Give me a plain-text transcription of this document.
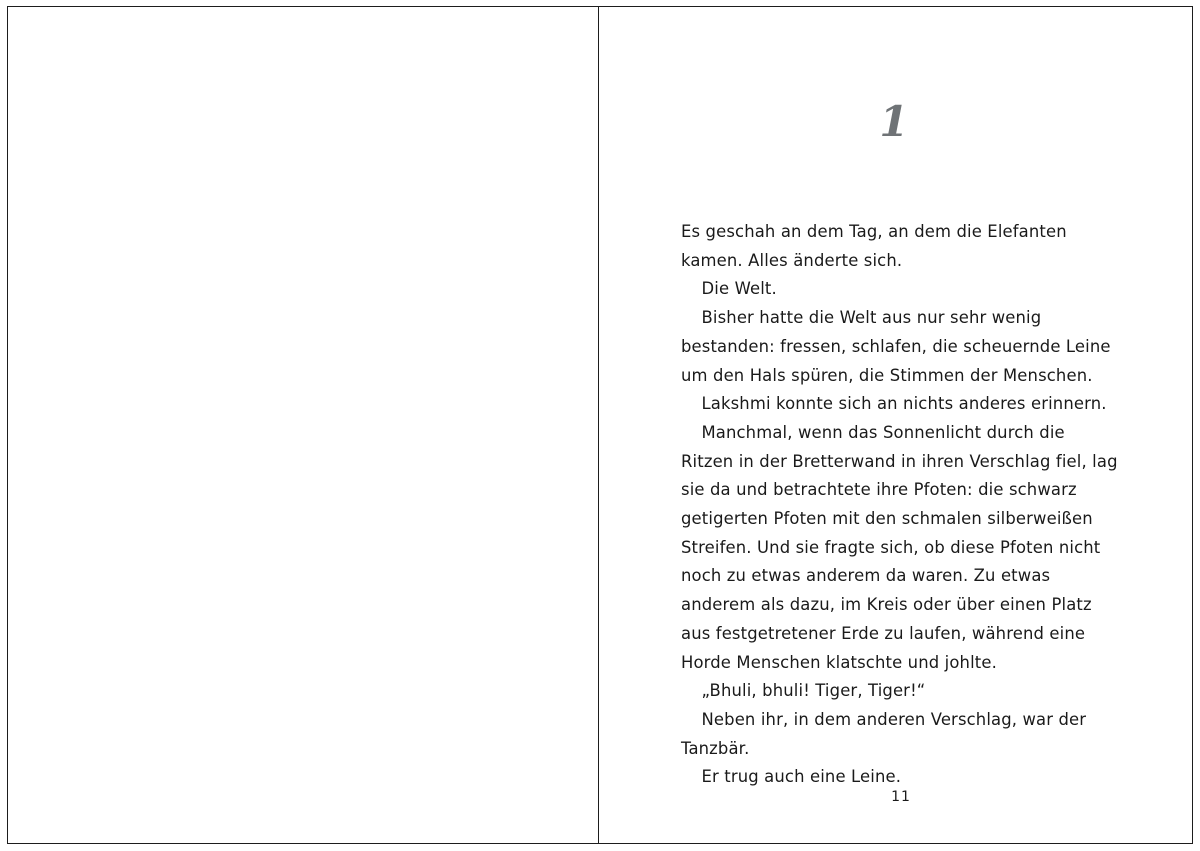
1

Es geschah an dem Tag, an dem die Elefanten kamen. Alles änderte sich.

Die Welt.

Bisher hatte die Welt aus nur sehr wenig bestanden: fressen, schlafen, die scheuernde Leine um den Hals spüren, die Stimmen der Menschen.

Lakshmi konnte sich an nichts anderes erinnern.

Manchmal, wenn das Sonnenlicht durch die Ritzen in der Bretterwand in ihren Verschlag fiel, lag sie da und betrachtete ihre Pfoten: die schwarz getigerten Pfoten mit den schmalen silberweißen Streifen. Und sie fragte sich, ob diese Pfoten nicht noch zu etwas anderem da waren. Zu etwas anderem als dazu, im Kreis oder über einen Platz aus festgetretener Erde zu laufen, während eine Horde Menschen klatschte und johlte.

„Bhuli, bhuli! Tiger, Tiger!“

Neben ihr, in dem anderen Verschlag, war der Tanzbär.

Er trug auch eine Leine.

11
